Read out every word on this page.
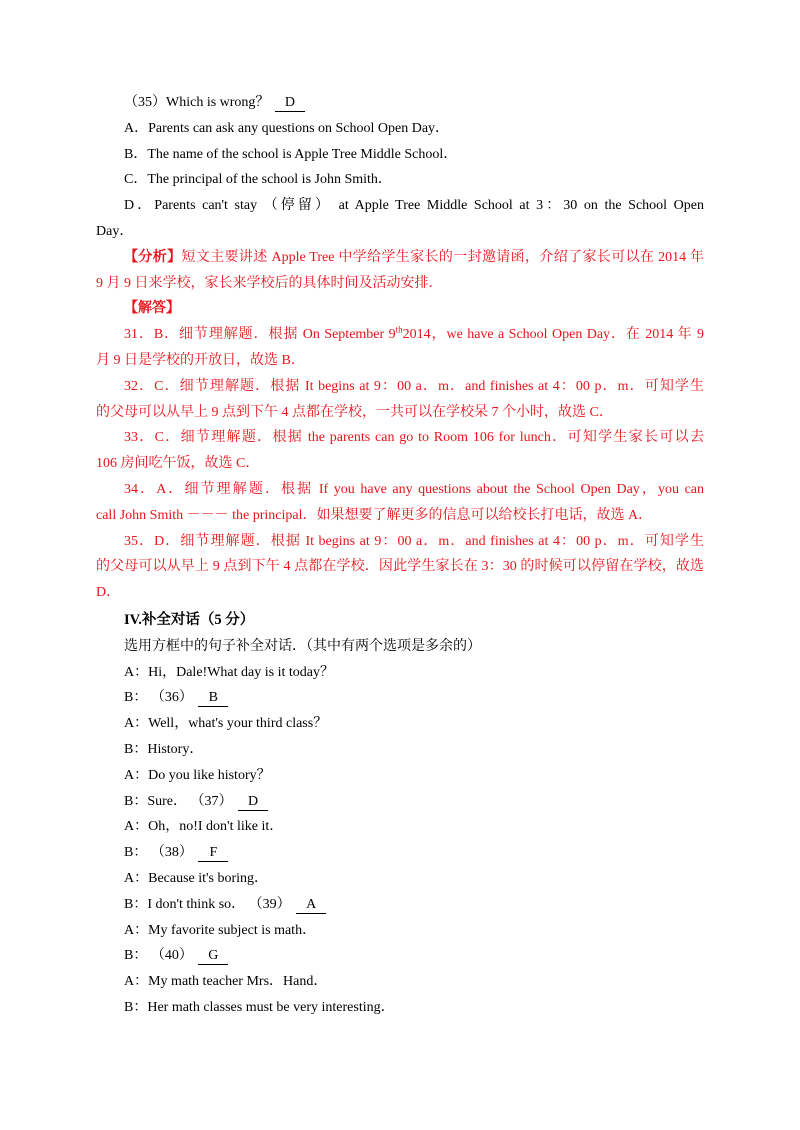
（35）Which is wrong？ D
A．Parents can ask any questions on School Open Day．
B．The name of the school is Apple Tree Middle School．
C．The principal of the school is John Smith．
D．Parents can't stay （停留） at Apple Tree Middle School at 3：30 on the School Open
Day．
【分析】短文主要讲述 Apple Tree 中学给学生家长的一封邀请函，介绍了家长可以在 2014 年
9 月 9 日来学校，家长来学校后的具体时间及活动安排．
【解答】
31．B．细节理解题．根据 On September 9th2014，we have a School Open Day．在 2014 年 9
月 9 日是学校的开放日，故选 B．
32．C．细节理解题．根据 It begins at 9：00 a．m．and finishes at 4：00 p．m．可知学生
的父母可以从早上 9 点到下午 4 点都在学校，一共可以在学校呆 7 个小时，故选 C．
33．C．细节理解题．根据 the parents can go to Room 106 for lunch．可知学生家长可以去
106 房间吃午饭，故选 C．
34．A．细节理解题．根据 If you have any questions about the School Open Day，you can
call John Smith －－－ the principal．如果想要了解更多的信息可以给校长打电话，故选 A．
35．D．细节理解题．根据 It begins at 9：00 a．m．and finishes at 4：00 p．m．可知学生
的父母可以从早上 9 点到下午 4 点都在学校．因此学生家长在 3：30 的时候可以停留在学校，故选
D．
IV.补全对话（5 分）
选用方框中的句子补全对话．（其中有两个选项是多余的）
A：Hi，Dale!What day is it today？
B： （36） B
A：Well，what's your third class？
B：History．
A：Do you like history？
B：Sure． （37） D
A：Oh，no!I don't like it．
B： （38） F
A：Because it's boring．
B：I don't think so． （39） A
A：My favorite subject is math．
B： （40） G
A：My math teacher Mrs．Hand．
B：Her math classes must be very interesting．
